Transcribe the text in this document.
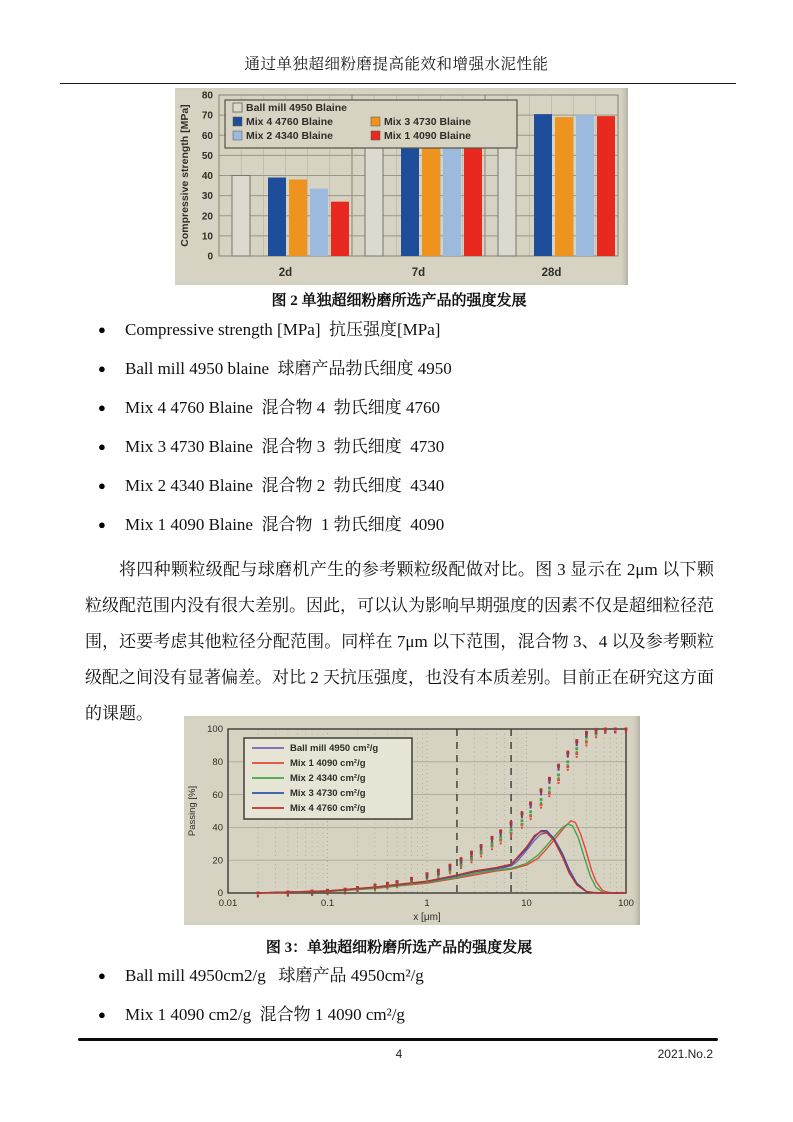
通过单独超细粉磨提高能效和增强水泥性能
0
10
20
30
40
50
60
70
80
2d	7d	28d
Compressive strength [MPa]	Ball mill 4950 Blaine
Mix 4 4760 Blaine	Mix 3 4730 Blaine
Mix 2 4340 Blaine	Mix 1 4090 Blaine
图 2 单独超细粉磨所选产品的强度发展
● Compressive strength [MPa]  抗压强度[MPa]
● Ball mill 4950 blaine  球磨产品勃氏细度 4950
● Mix 4 4760 Blaine  混合物 4  勃氏细度 4760
● Mix 3 4730 Blaine  混合物 3  勃氏细度  4730
● Mix 2 4340 Blaine  混合物 2  勃氏细度  4340
● Mix 1 4090 Blaine  混合物  1 勃氏细度  4090

将四种颗粒级配与球磨机产生的参考颗粒级配做对比。图 3 显示在 2μm 以下颗粒级配范围内没有很大差别。因此，可以认为影响早期强度的因素不仅是超细粒径范围，还要考虑其他粒径分配范围。同样在 7μm 以下范围，混合物 3、4 以及参考颗粒级配之间没有显著偏差。对比 2 天抗压强度，也没有本质差别。目前正在研究这方面的课题。

0
20
40
60
80
100
0.01	0.1	1	10	100
x [μm]
Passing [%]
Ball mill 4950 cm²/g
Mix 1 4090 cm²/g
Mix 2 4340 cm²/g
Mix 3 4730 cm²/g
Mix 4 4760 cm²/g
图 3：单独超细粉磨所选产品的强度发展
● Ball mill 4950cm2/g   球磨产品 4950cm²/g
● Mix 1 4090 cm2/g  混合物 1 4090 cm²/g
4	2021.No.2
